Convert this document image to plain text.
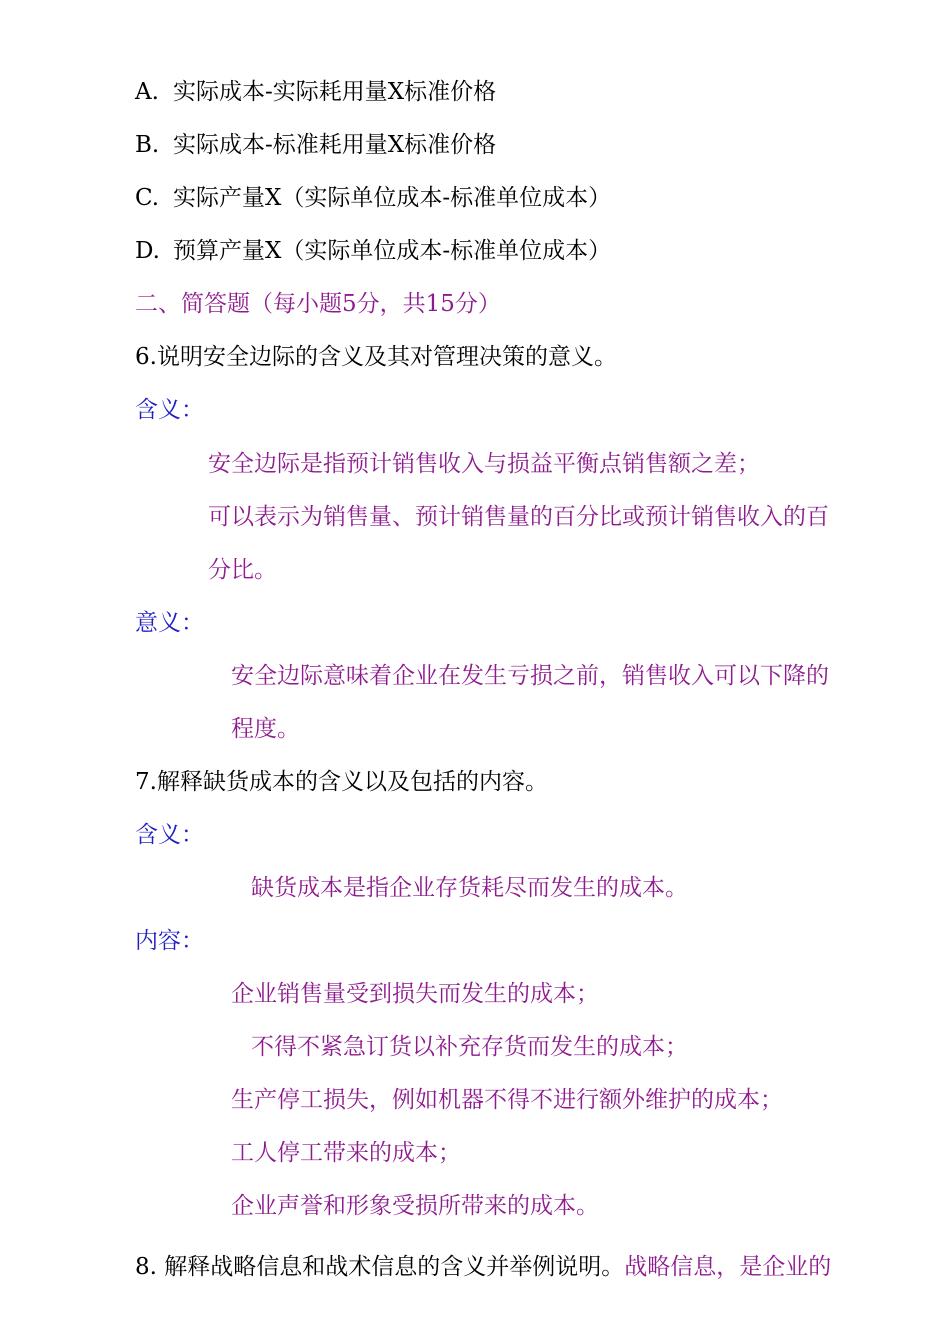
A. 实际成本-实际耗用量X标准价格
B. 实际成本-标准耗用量X标准价格
C. 实际产量X（实际单位成本-标准单位成本）
D. 预算产量X（实际单位成本-标准单位成本）
二、简答题（每小题5分，共15分）
6.说明安全边际的含义及其对管理决策的意义。
含义：
安全边际是指预计销售收入与损益平衡点销售额之差；
可以表示为销售量、预计销售量的百分比或预计销售收入的百
分比。
意义：
安全边际意味着企业在发生亏损之前，销售收入可以下降的
程度。
7.解释缺货成本的含义以及包括的内容。
含义：
缺货成本是指企业存货耗尽而发生的成本。
内容：
企业销售量受到损失而发生的成本；
不得不紧急订货以补充存货而发生的成本；
生产停工损失，例如机器不得不进行额外维护的成本；
工人停工带来的成本；
企业声誉和形象受损所带来的成本。
8. 解释战略信息和战术信息的含义并举例说明。战略信息，是企业的
